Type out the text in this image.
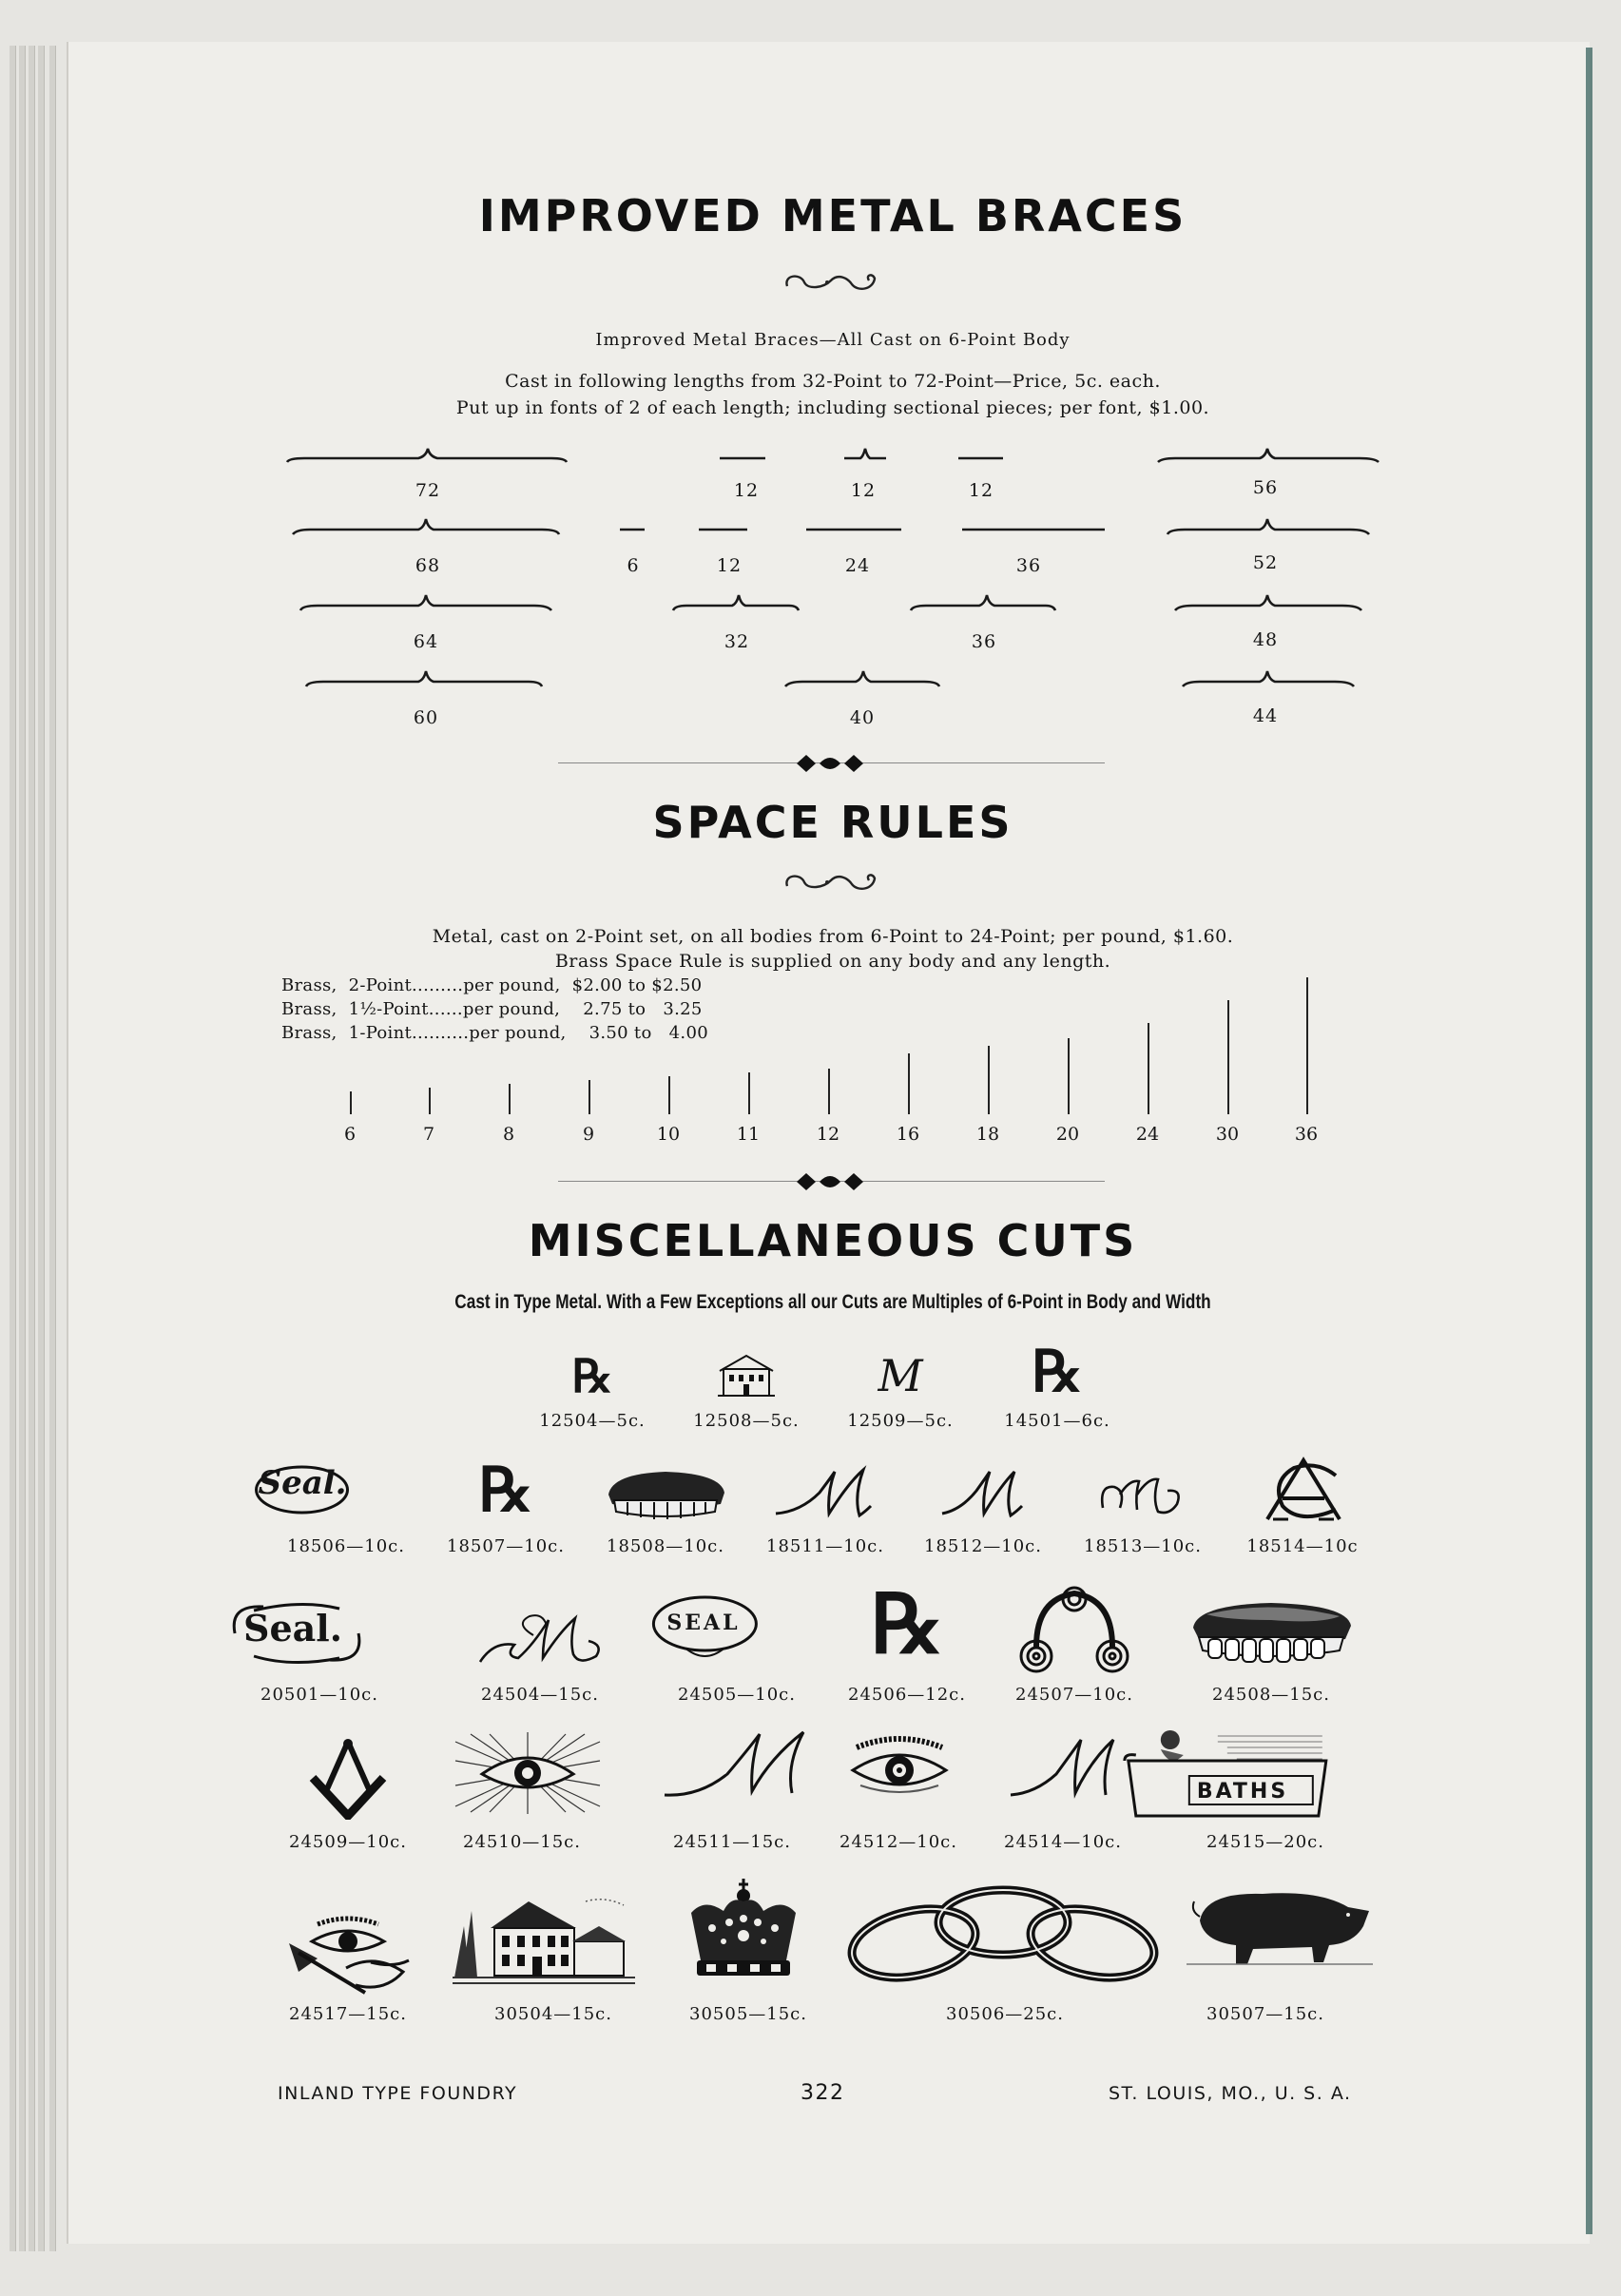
IMPROVED METAL BRACES
Improved Metal Braces—All Cast on 6-Point Body
Cast in following lengths from 32-Point to 72-Point—Price, 5c. each.
Put up in fonts of 2 of each length; including sectional pieces; per font, $1.00.
72	12	12	12	56
68	6	12	24	36	52
64	32	36	48
60	40	44
SPACE RULES
Metal, cast on 2-Point set, on all bodies from 6-Point to 24-Point; per pound, $1.60.
Brass Space Rule is supplied on any body and any length.
Brass,  2-Point.........per pound,  $2.00 to $2.50
Brass,  1½-Point......per pound,    2.75 to   3.25
Brass,  1-Point..........per pound,    3.50 to   4.00
6	7	8	9	10	11	12	16	18	20	24	30	36
MISCELLANEOUS CUTS
Cast in Type Metal. With a Few Exceptions all our Cuts are Multiples of 6-Point in Body and Width
℞	M ℞
12504—5c.	12508—5c.	12509—5c.	14501—6c.
Seal.	℞
18506—10c. 18507—10c. 18508—10c. 18511—10c. 18512—10c. 18513—10c.	18514—10c
Seal.	SEAL	℞
20501—10c.	24504—15c.	24505—10c.	24506—12c.	24507—10c.	24508—15c.
BATHS
24509—10c.	24510—15c.	24511—15c.	24512—10c.	24514—10c.	24515—20c.
24517—15c.	30504—15c.	30505—15c.	30506—25c.	30507—15c.
INLAND TYPE FOUNDRY	322	ST. LOUIS, MO., U. S. A.
